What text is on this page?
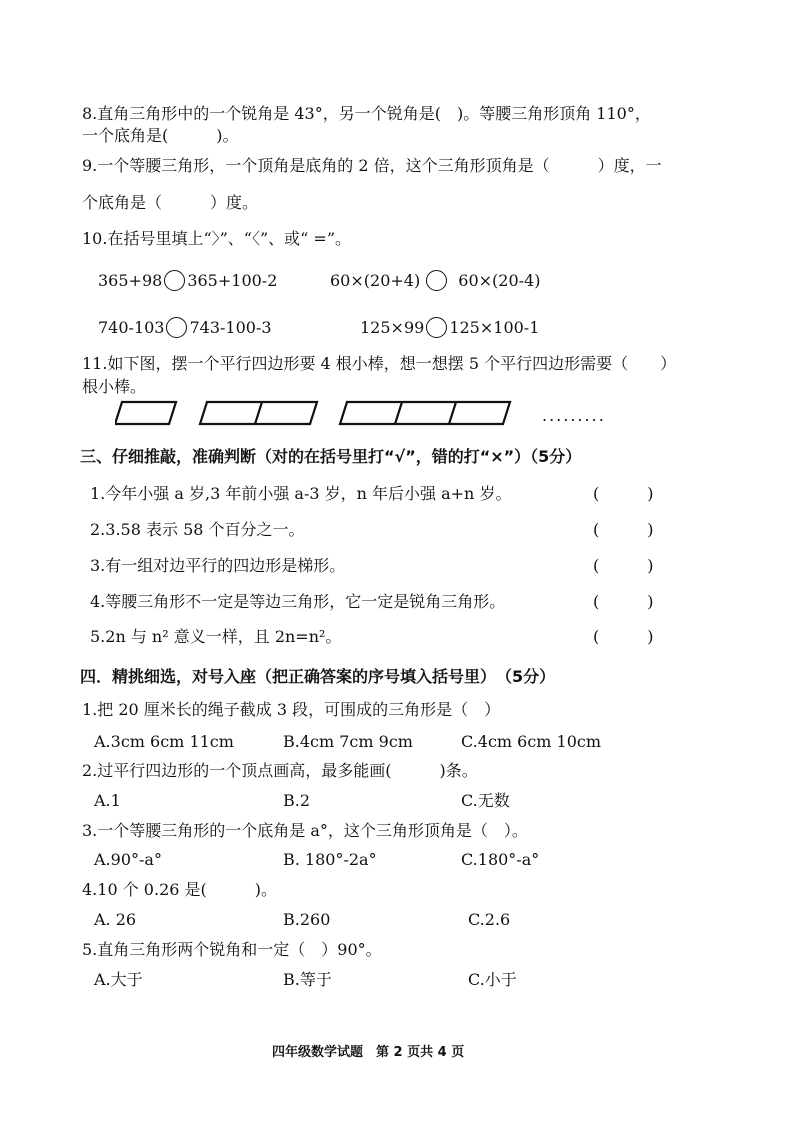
8.直角三角形中的一个锐角是 43°，另一个锐角是(　)。等腰三角形顶角 110°，
一个底角是(　　　)。
9.一个等腰三角形，一个顶角是底角的 2 倍，这个三角形顶角是（　　　）度，一
个底角是（　　　）度。
10.在括号里填上“〉”、“〈”、或“ =”。
365+98 365+100-2	60×(20+4) 60×(20-4)
740-103 743-100-3	125×99 125×100-1
11.如下图，摆一个平行四边形要 4 根小棒，想一想摆 5 个平行四边形需要（　　）
根小棒。
.........
三、仔细推敲，准确判断（对的在括号里打“√”，错的打“×”）（5分）
1.今年小强 a 岁,3 年前小强 a-3 岁，n 年后小强 a+n 岁。	(　　　)
2.3.58 表示 58 个百分之一。	(　　　)
3.有一组对边平行的四边形是梯形。	(　　　)
4.等腰三角形不一定是等边三角形，它一定是锐角三角形。	(　　　)
5.2n 与 n² 意义一样，且 2n=n²。	(　　　)
四．精挑细选，对号入座（把正确答案的序号填入括号里）　（5分）
1.把 20 厘米长的绳子截成 3 段，可围成的三角形是（　）
A.3cm 6cm 11cm	B.4cm 7cm 9cm	C.4cm 6cm 10cm
2.过平行四边形的一个顶点画高，最多能画(　　　)条。
A.1	B.2	C.无数
3.一个等腰三角形的一个底角是 a°，这个三角形顶角是（　）。
A.90°-a°	B. 180°-2a°	C.180°-a°
4.10 个 0.26 是(　　　)。
A. 26	B.260	C.2.6
5.直角三角形两个锐角和一定（　）90°。
A.大于	B.等于	C.小于
四年级数学试题　第 2 页共 4 页
